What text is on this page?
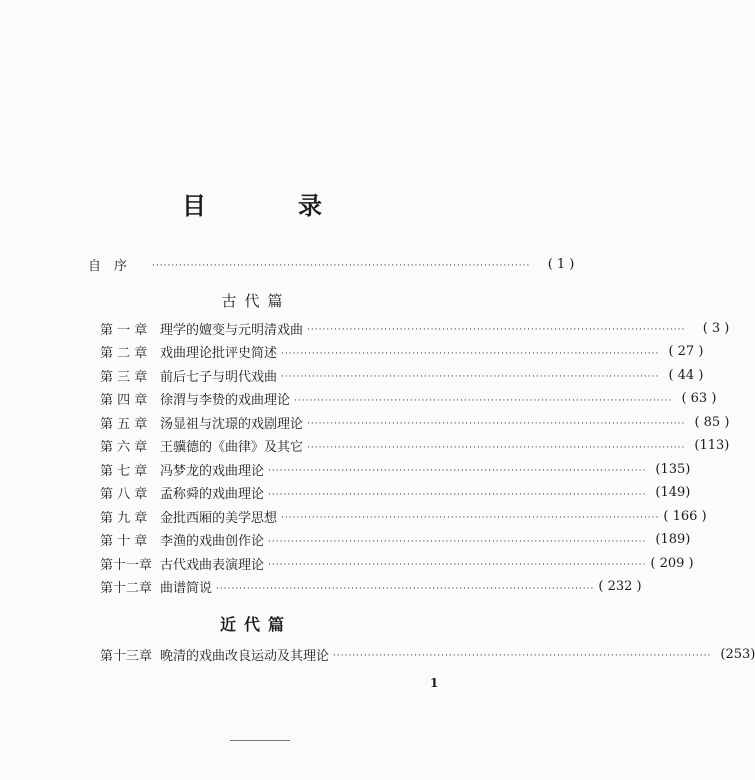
目　录
自　序	··································································································	( 1 )
古代篇
第 一 章 理学的嬗变与元明清戏曲 ··································································································	( 3 )
第 二 章 戏曲理论批评史简述 ·································································································· ( 27 )
第 三 章 前后七子与明代戏曲 ·································································································· ( 44 )
第 四 章 徐渭与李贽的戏曲理论 ·································································································· ( 63 )
第 五 章 汤显祖与沈璟的戏剧理论 ·································································································· ( 85 )
第 六 章 王骥德的《曲律》及其它 ·································································································· (113)
第 七 章 冯梦龙的戏曲理论 ·································································································· (135)
第 八 章 孟称舜的戏曲理论 ·································································································· (149)
第 九 章 金批西厢的美学思想 ·································································································· ( 166 )
第 十 章 李渔的戏曲创作论 ·································································································· (189)
第十一章 古代戏曲表演理论 ·································································································· ( 209 )
第十二章 曲谱简说 ·································································································· ( 232 )
近代篇
第十三章 晚清的戏曲改良运动及其理论 ·································································································· (253)
1
